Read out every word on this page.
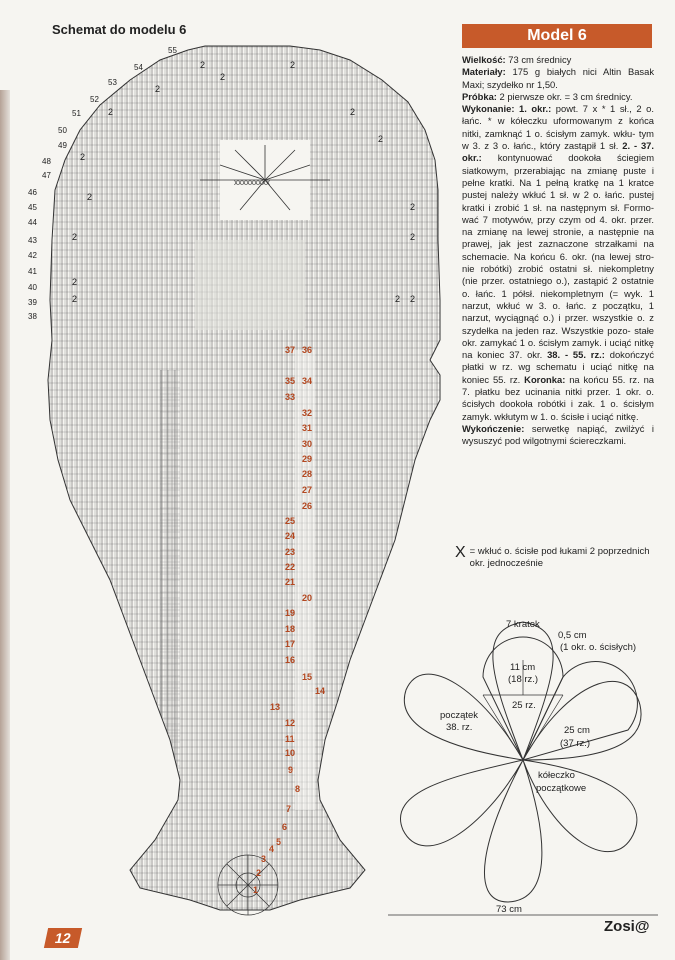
Schemat do modelu 6
xxxxxxxxx
2	2
2
2
2	2
2
2
2
2
2	2
2
2 2
2
55
54
53
52
51
50
49
48
47
46
45
44
43
42
41
40
39
38
37 36
35 34
33
32
31
30
29
28
27
26
25
24
23
22
21
20
19
18
17
16
15
14
13
12
11
10
9
8
7
6
5
4
3
2
1
Model 6

Wielkość: 73 cm średnicy

Materiały: 175 g białych nici Altin Basak Maxi; szydełko nr 1,50.

Próbka: 2 pierwsze okr. = 3 cm średnicy.

Wykonanie: 1. okr.: powt. 7 x * 1 sł., 2 o. łańc. * w kółeczku uformowanym z końca nitki, zamknąć 1 o. ścisłym zamyk. wkłu- tym w 3. z 3 o. łańc., który zastąpił 1 sł. 2. - 37. okr.: kontynuować dookoła ściegiem siatkowym, przerabiając na zmianę puste i pełne kratki. Na 1 pełną kratkę na 1 kratce pustej należy wkłuć 1 sł. w 2 o. łańc. pustej kratki i zrobić 1 sł. na następnym sł. Formo- wać 7 motywów, przy czym od 4. okr. przer. na zmianę na lewej stronie, a następnie na prawej, jak jest zaznaczone strzałkami na schemacie. Na końcu 6. okr. (na lewej stro- nie robótki) zrobić ostatni sł. niekompletny (nie przer. ostatniego o.), zastąpić 2 ostatnie o. łańc. 1 półsł. niekompletnym (= wyk. 1 narzut, wkłuć w 3. o. łańc. z początku, 1 narzut, wyciągnąć o.) i przer. wszystkie o. z szydełka na jeden raz. Wszystkie pozo- stałe okr. zamykać 1 o. ścisłym zamyk. i uciąć nitkę na koniec 37. okr. 38. - 55. rz.: dokończyć płatki w rz. wg schematu i uciąć nitkę na koniec 55. rz. Koronka: na końcu 55. rz. na 7. płatku bez ucinania nitki przer. 1 okr. o. ścisłych dookoła robótki i zak. 1 o. ścisłym zamyk. wkłutym w 1. o. ścisłe i uciąć nitkę.

Wykończenie: serwetkę napiąć, zwilżyć i wysuszyć pod wilgotnymi ściereczkami.

X = wkłuć o. ścisłe pod łukami 2 poprzednich okr. jednocześnie
7 kratek
0,5 cm
(1 okr. o. ścisłych)
11 cm
(18 rz.)
25 rz.
początek
38. rz.	25 cm
(37 rz.)
kółeczko
początkowe
73 cm
12
Zosi@
